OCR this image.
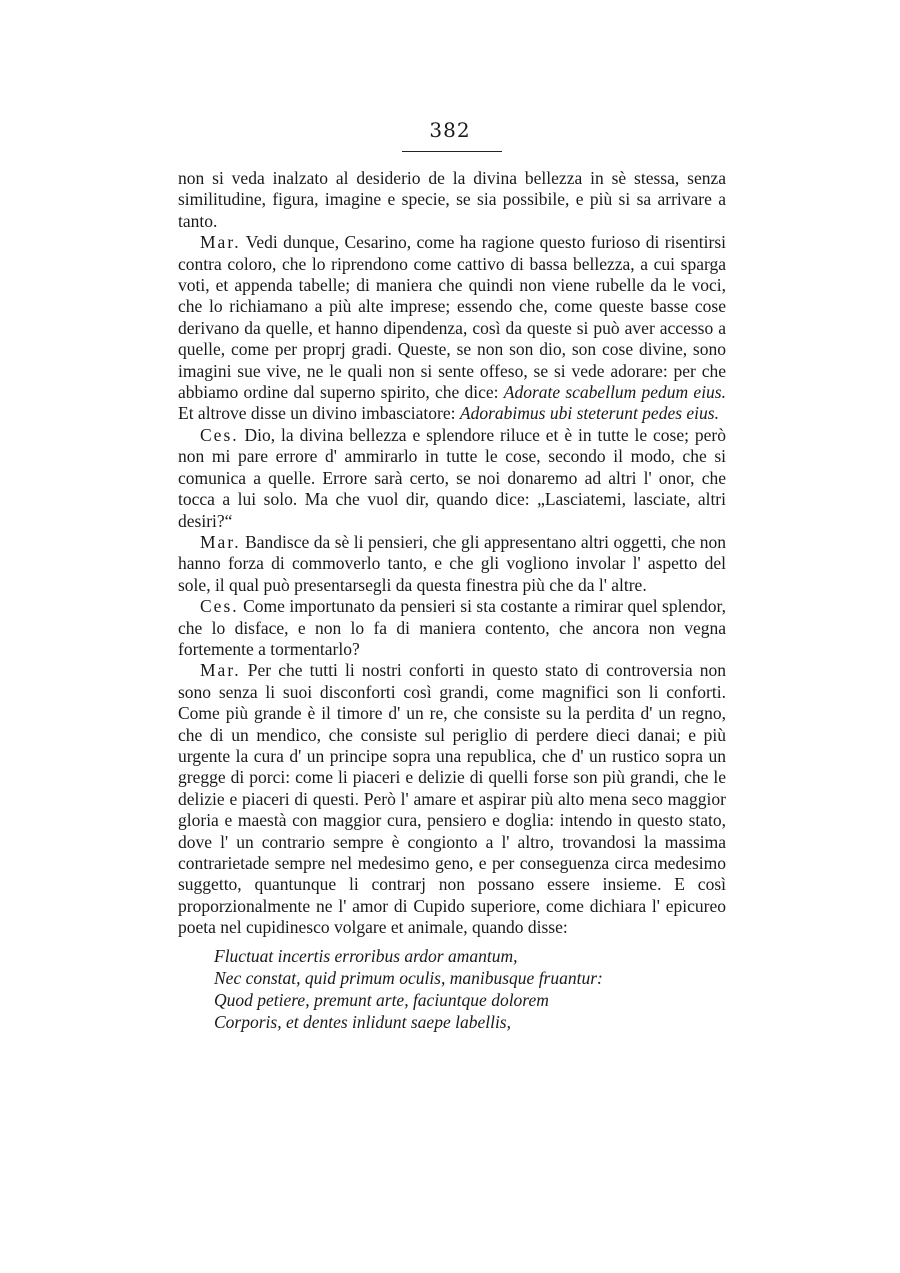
382

non si veda inalzato al desiderio de la divina bellezza in sè stessa, senza similitudine, figura, imagine e specie, se sia possibile, e più si sa arrivare a tanto.

Mar. Vedi dunque, Cesarino, come ha ragione questo furioso di risentirsi contra coloro, che lo riprendono come cattivo di bassa bellezza, a cui sparga voti, et appenda tabelle; di maniera che quindi non viene rubelle da le voci, che lo richiamano a più alte imprese; essendo che, come queste basse cose derivano da quelle, et hanno dipendenza, così da queste si può aver accesso a quelle, come per proprj gradi. Queste, se non son dio, son cose divine, sono imagini sue vive, ne le quali non si sente offeso, se si vede adorare: per che abbiamo ordine dal superno spirito, che dice: Adorate scabellum pedum eius. Et altrove disse un divino imbasciatore: Adorabimus ubi steterunt pedes eius.

Ces. Dio, la divina bellezza e splendore riluce et è in tutte le cose; però non mi pare errore d' ammirarlo in tutte le cose, secondo il modo, che si comunica a quelle. Errore sarà certo, se noi donaremo ad altri l' onor, che tocca a lui solo. Ma che vuol dir, quando dice: „Lasciatemi, lasciate, altri desiri?“

Mar. Bandisce da sè li pensieri, che gli appresentano altri oggetti, che non hanno forza di commoverlo tanto, e che gli vogliono involar l' aspetto del sole, il qual può presentarsegli da questa finestra più che da l' altre.

Ces. Come importunato da pensieri si sta costante a rimirar quel splendor, che lo disface, e non lo fa di maniera contento, che ancora non vegna fortemente a tormentarlo?

Mar. Per che tutti li nostri conforti in questo stato di controversia non sono senza li suoi disconforti così grandi, come magnifici son li conforti. Come più grande è il timore d' un re, che consiste su la perdita d' un regno, che di un mendico, che consiste sul periglio di perdere dieci danai; e più urgente la cura d' un principe sopra una republica, che d' un rustico sopra un gregge di porci: come li piaceri e delizie di quelli forse son più grandi, che le delizie e piaceri di questi. Però l' amare et aspirar più alto mena seco maggior gloria e maestà con maggior cura, pensiero e doglia: intendo in questo stato, dove l' un contrario sempre è congionto a l' altro, trovandosi la massima contrarietade sempre nel medesimo geno, e per conseguenza circa medesimo suggetto, quantunque li contrarj non possano essere insieme. E così proporzionalmente ne l' amor di Cupido superiore, come dichiara l' epicureo poeta nel cupidinesco volgare et animale, quando disse:

Fluctuat incertis erroribus ardor amantum,
Nec constat, quid primum oculis, manibusque fruantur:
Quod petiere, premunt arte, faciuntque dolorem
Corporis, et dentes inlidunt saepe labellis,
